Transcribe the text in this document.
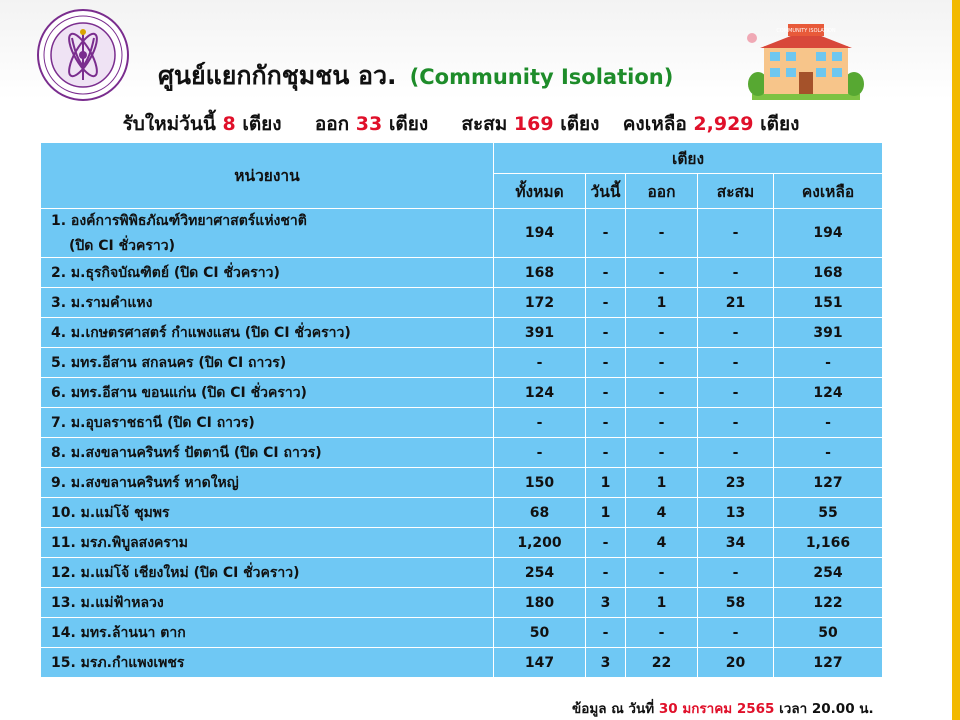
ศูนย์แยกกักชุมชน อว. (Community Isolation)
COMMUNITY ISOLATION
รับใหม่วันนี้ 8 เตียง ออก 33 เตียง สะสม 169 เตียง คงเหลือ 2,929 เตียง
หน่วยงาน	เตียง				
	ทั้งหมด	วันนี้	ออก	สะสม	คงเหลือ
1. องค์การพิพิธภัณฑ์วิทยาศาสตร์แห่งชาติ
(ปิด CI ชั่วคราว)	194	-	-	-	194
2. ม.ธุรกิจบัณฑิตย์ (ปิด CI ชั่วคราว)	168	-	-	-	168
3. ม.รามคำแหง	172	-	1	21	151
4. ม.เกษตรศาสตร์ กำแพงแสน (ปิด CI ชั่วคราว)	391	-	-	-	391
5. มทร.อีสาน สกลนคร (ปิด CI ถาวร)	-	-	-	-	-
6. มทร.อีสาน ขอนแก่น (ปิด CI ชั่วคราว)	124	-	-	-	124
7. ม.อุบลราชธานี (ปิด CI ถาวร)	-	-	-	-	-
8. ม.สงขลานครินทร์ ปัตตานี (ปิด CI ถาวร)	-	-	-	-	-
9. ม.สงขลานครินทร์ หาดใหญ่	150	1	1	23	127
10. ม.แม่โจ้ ชุมพร	68	1	4	13	55
11. มรภ.พิบูลสงคราม	1,200	-	4	34	1,166
12. ม.แม่โจ้ เชียงใหม่ (ปิด CI ชั่วคราว)	254	-	-	-	254
13. ม.แม่ฟ้าหลวง	180	3	1	58	122
14. มทร.ล้านนา ตาก	50	-	-	-	50
15. มรภ.กำแพงเพชร	147	3	22	20	127
ข้อมูล ณ วันที่ 30 มกราคม 2565 เวลา 20.00 น.
